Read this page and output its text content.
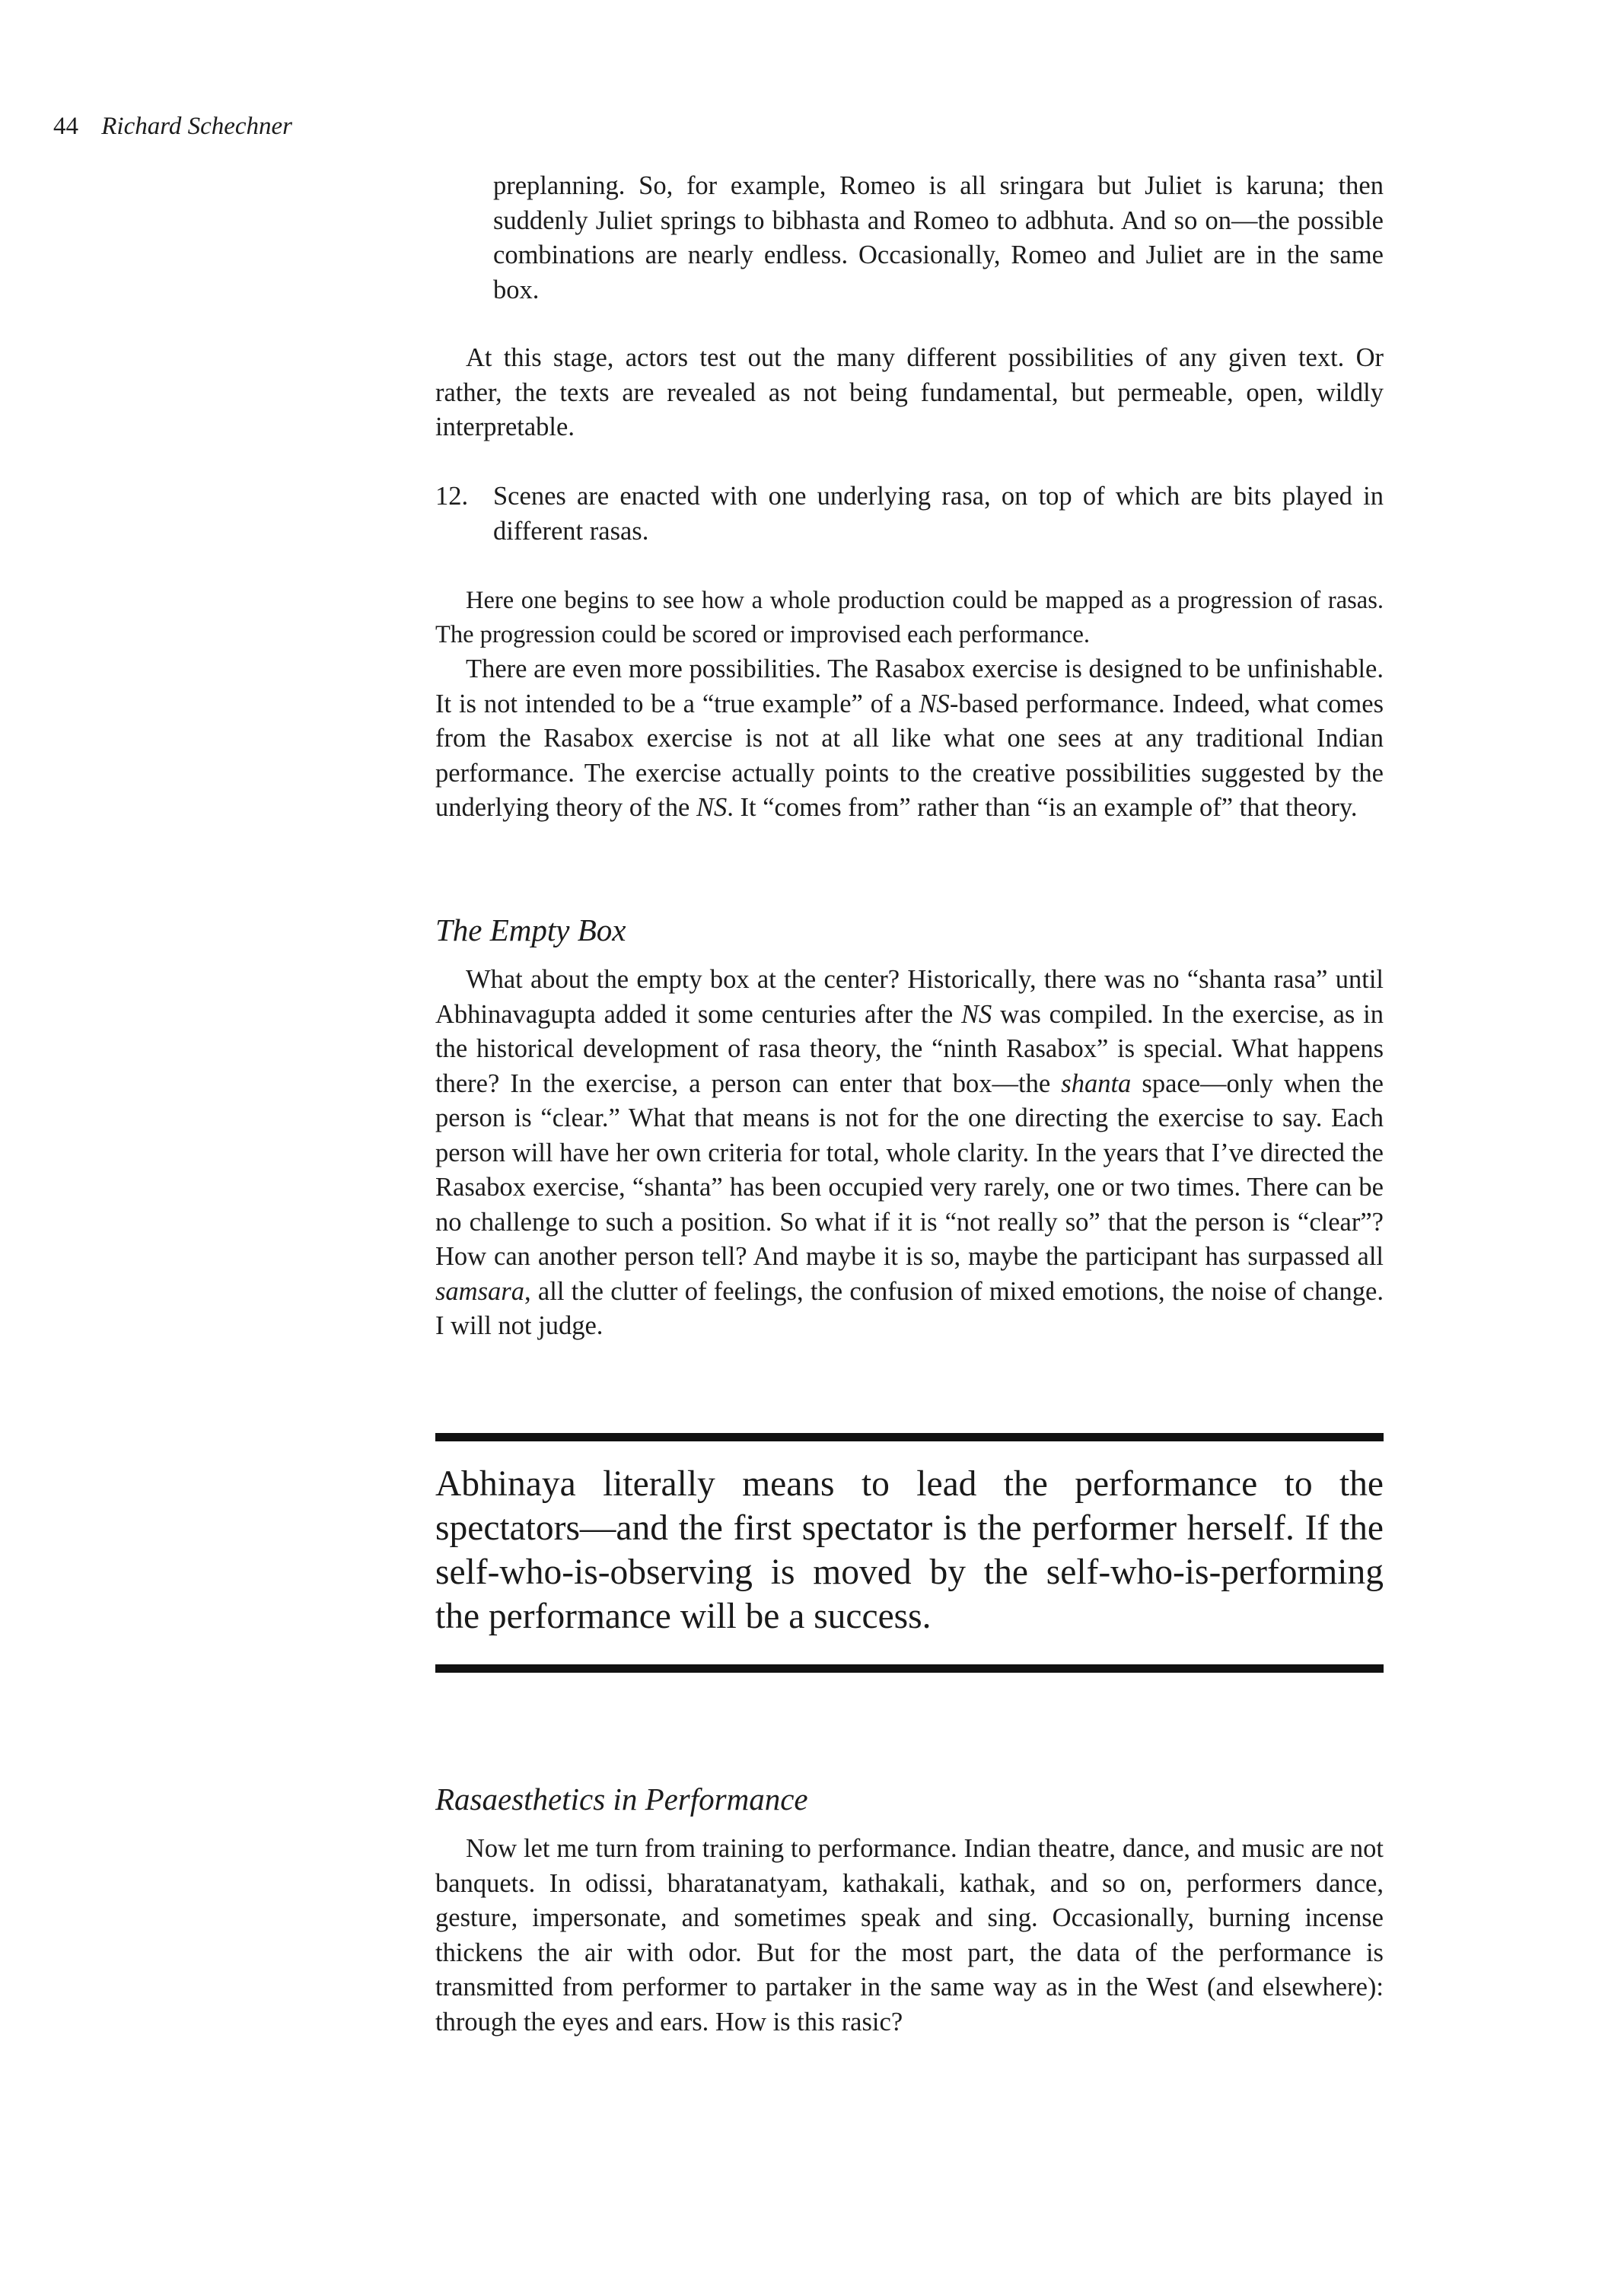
44 Richard Schechner

preplanning. So, for example, Romeo is all sringara but Juliet is karuna; then suddenly Juliet springs to bibhasta and Romeo to adbhuta. And so on—the possible combinations are nearly endless. Occasionally, Romeo and Juliet are in the same box.

At this stage, actors test out the many different possibilities of any given text. Or rather, the texts are revealed as not being fundamental, but permeable, open, wildly interpretable.

12. Scenes are enacted with one underlying rasa, on top of which are bits played in different rasas.

Here one begins to see how a whole production could be mapped as a progression of rasas. The progression could be scored or improvised each performance.

There are even more possibilities. The Rasabox exercise is designed to be unfinishable. It is not intended to be a “true example” of a NS-based performance. Indeed, what comes from the Rasabox exercise is not at all like what one sees at any traditional Indian performance. The exercise actually points to the creative possibilities suggested by the underlying theory of the NS. It “comes from” rather than “is an example of” that theory.

The Empty Box

What about the empty box at the center? Historically, there was no “shanta rasa” until Abhinavagupta added it some centuries after the NS was compiled. In the exercise, as in the historical development of rasa theory, the “ninth Rasabox” is special. What happens there? In the exercise, a person can enter that box—the shanta space—only when the person is “clear.” What that means is not for the one directing the exercise to say. Each person will have her own criteria for total, whole clarity. In the years that I’ve directed the Rasabox exercise, “shanta” has been occupied very rarely, one or two times. There can be no challenge to such a position. So what if it is “not really so” that the person is “clear”? How can another person tell? And maybe it is so, maybe the participant has surpassed all samsara, all the clutter of feelings, the confusion of mixed emotions, the noise of change. I will not judge.

Abhinaya literally means to lead the performance to the spectators—and the first spectator is the performer herself. If the self-who-is-observing is moved by the self-who-is-performing the performance will be a success.

Rasaesthetics in Performance

Now let me turn from training to performance. Indian theatre, dance, and music are not banquets. In odissi, bharatanatyam, kathakali, kathak, and so on, performers dance, gesture, impersonate, and sometimes speak and sing. Occasionally, burning incense thickens the air with odor. But for the most part, the data of the performance is transmitted from performer to partaker in the same way as in the West (and elsewhere): through the eyes and ears. How is this rasic?
